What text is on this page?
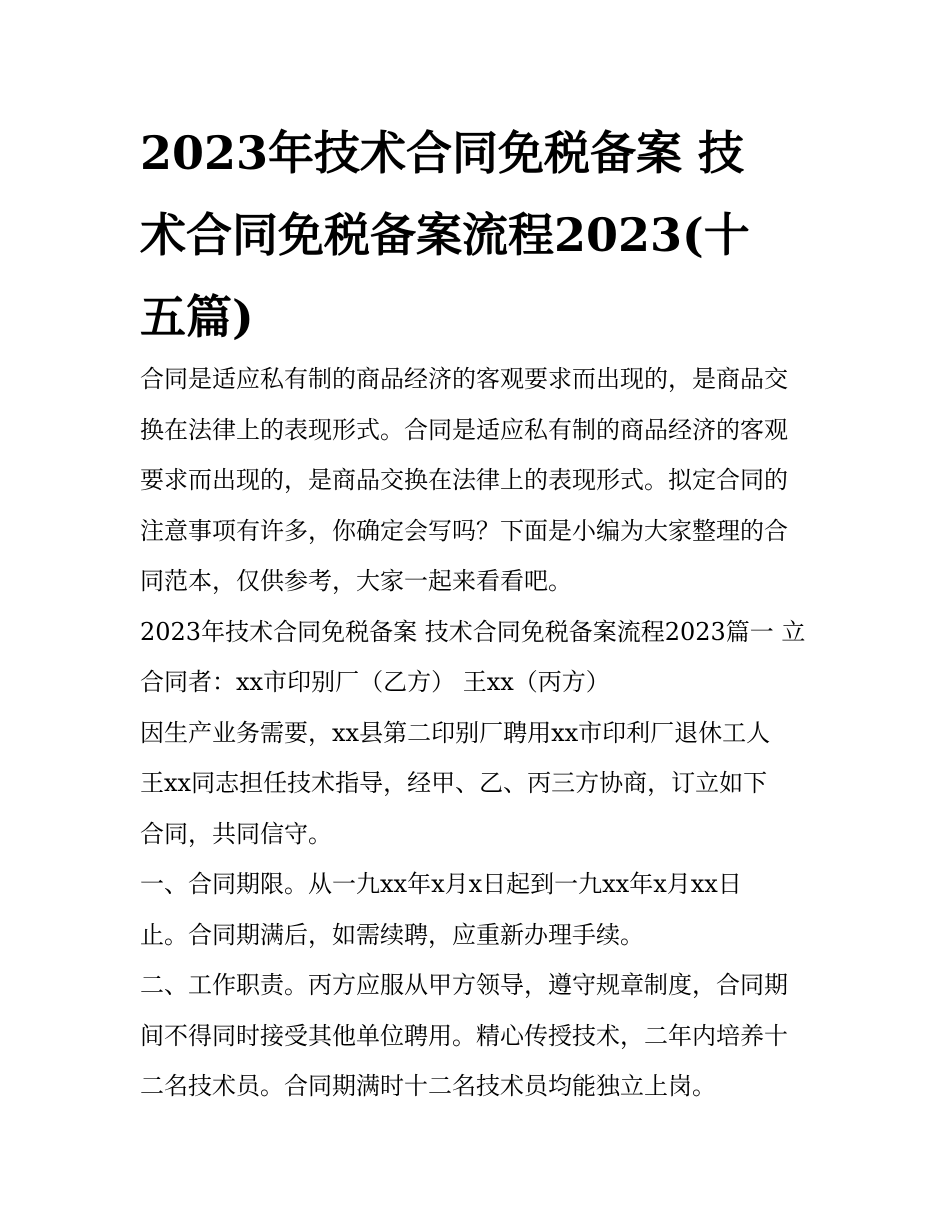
2023年技术合同免税备案 技
术合同免税备案流程2023(十
五篇)
合同是适应私有制的商品经济的客观要求而出现的，是商品交
换在法律上的表现形式。合同是适应私有制的商品经济的客观
要求而出现的，是商品交换在法律上的表现形式。拟定合同的
注意事项有许多，你确定会写吗？下面是小编为大家整理的合
同范本，仅供参考，大家一起来看看吧。
2023年技术合同免税备案 技术合同免税备案流程2023篇一 立
合同者：xx市印别厂（乙方） 王xx（丙方）
因生产业务需要，xx县第二印别厂聘用xx市印利厂退休工人
王xx同志担任技术指导，经甲、乙、丙三方协商，订立如下
合同，共同信守。
一、合同期限。从一九xx年x月x日起到一九xx年x月xx日
止。合同期满后，如需续聘，应重新办理手续。
二、工作职责。丙方应服从甲方领导，遵守规章制度，合同期
间不得同时接受其他单位聘用。精心传授技术，二年内培养十
二名技术员。合同期满时十二名技术员均能独立上岗。
